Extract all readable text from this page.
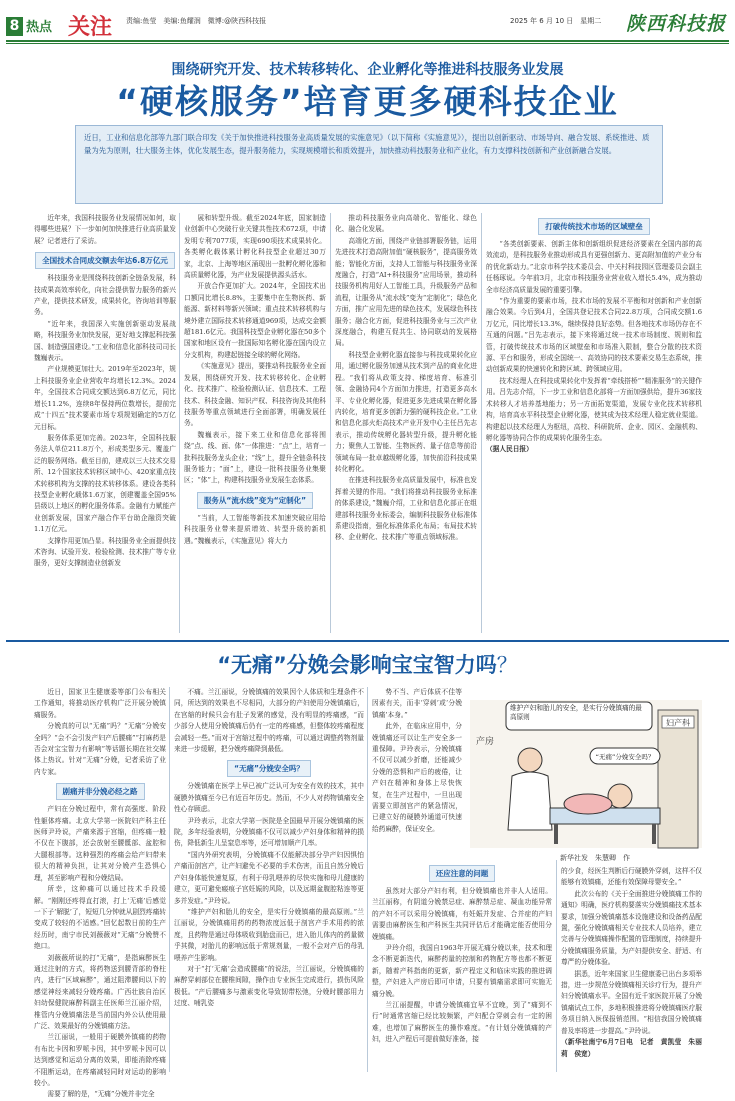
8 热点 关注 责编:鱼莹　美编:鱼耀润　微博:@陕西科技报	2025 年 6 月 10 日　星期二 陕西科技报
围绕研究开发、技术转移转化、企业孵化等推进科技服务业发展
“硬核服务”培育更多硬科技企业
近日，工业和信息化部等九部门联合印发《关于加快推进科技服务业高质量发展的实施意见》（以下简称《实施意见》），提出以创新驱动、市场导向、融合发展、系统推进、质量为先为原则，壮大服务主体，优化发展生态，提升服务能力，实现规模增长和质效提升，加快推动科技服务业和产业化，有力支撑科技创新和产业创新融合发展。

近年来，我国科技服务业发展情况如何，取得哪些进展？下一步如何加快推进行业高质量发展？记者进行了采访。

全国技术合同成交额去年达6.8万亿元

科技服务业是围绕科技创新全链条发展，科技成果高效率转化，向社会提供智力服务的新兴产业，提供技术研发，成果转化，咨询培训等服务。

“近年来，我国深入实施创新驱动发展战略，科技服务业加快发展，更好地支撑起科技强国、制造强国建设。”工业和信息化部科技司司长魏巍表示。

产业规模更加壮大。2019年至2023年，规上科技服务业企业营收年均增长12.3%。2024年，全国技术合同成交额达到6.8万亿元，同比增长11.2%，连续8年保持两位数增长，提前完成“十四五”技术要素市场专项规划确定的5万亿元目标。

服务体系更加完善。2023年，全国科技服务法人单位211.8万个，形成类型多元、覆盖广泛的服务网络。截至目前，建成以三大技术交易所、12个国家技术转移区域中心、420家重点技术转移机构为支撑的技术转移体系。建设各类科技型企业孵化载体1.6万家，创建覆盖全国95%县级以上地区的孵化服务体系。金融有力赋能产业创新发展，国家产融合作平台助企融资突破1.1万亿元。

支撑作用更加凸显。科技服务业全面提供技术咨询、试验开发、检验检测、技术推广等专业服务，更好支撑制造业创新发

展和转型升级。截至2024年底，国家制造业创新中心突破行业关键共性技术672项，申请发明专利7077项，实现690项技术成果转化。各类孵化载体累计孵化科技型企业超过30万家，北京、上海等地区涌现出一批孵化孵化器和高质量孵化器，为产业发展提供源头活水。

开放合作更加扩大。2024年，全国技术出口额同比增长8.8%，主要集中在生物医药、新能源、新材料等新兴领域；重点技术转移机构与境外建立国际技术转移通道969项，达成交金额超181.6亿元。我国科技型企业孵化器在50多个国家和地区设有一批国际知名孵化器在国内设立分支机构，构建起链接全球的孵化网络。

《实施意见》提出，要推动科技服务业全面发展，围绕研究开发、技术转移转化、企业孵化、技术推广、检验检测认证、信息技术、工程技术、科技金融、知识产权、科技咨询及其他科技服务等重点领域进行全面部署，明确发展任务。

魏巍表示，接下来工业和信息化部将围绕“点、线、面、体”一体推进：“点”上，培育一批科技服务龙头企业；“线”上，提升全链条科技服务能力；“面”上，建设一批科技服务业集聚区；“体”上，构建科技服务业发展生态体系。

服务从“流水线”变为“定制化”

“当前，人工智能等新技术加速突破应用给科技服务业带来提质增效、转型升级的新机遇。”魏巍表示，《实施意见》将大力

推动科技服务业向高端化、智能化、绿色化、融合化发展。

高端化方面，围绕产业链部署服务链，运用先进技术打造高附加值“硬核服务”，提高服务效能；智能化方面，支持人工智能与科技服务业深度融合，打造“AI+科技服务”应用场景，推动科技服务机构用好人工智能工具，升级服务产品和流程，让服务从“流水线”变为“定制化”；绿色化方面，推广应用先进的绿色技术，发展绿色科技服务；融合化方面，促进科技服务业与三次产业深度融合，构建互促共生、协同联动的发展格局。

科技型企业孵化器直接参与科技成果转化应用，通过孵化服务加速从技术到产品的商业化进程。“我们将从政策支持、梯度培育、标准引领、金融协同4个方面加力推进，打造更多高水平、专业化孵化器，促进更多先进成果在孵化器内转化，培育更多创新力强的硬科技企业。”工业和信息化部火炬高技术产业开发中心主任吕先志表示，推动传统孵化器转型升级，提升孵化能力；聚焦人工智能、生物医药、量子信息等前沿领域布局一批卓越级孵化器，加快前沿科技成果转化孵化。

在推进科技服务业高质量发展中，标准也发挥着关键的作用。“我们将推动科技服务业标准的体系建设，”魏巍介绍，工业和信息化部正在组建部科技服务业标委会，编制科技服务业标准体系建设指南，强化标准体系化布局；布局技术转移、企业孵化、技术推广等重点领域标准。

打破传统技术市场的区域壁垒

“各类创新要素、创新主体和创新组织促进经济要素在全国内部的高效流动，是科技服务业推动形成具有更强创新力、更高附加值的产业分布的优化新动力。”北京市科学技术委员会、中关村科技园区管理委员会副主任杨琢说。今年前3月，北京市科技服务业营业收入增长5.4%，成为推动全市经济高质量发展的重要引擎。

“作为重要的要素市场，技术市场的发展不平衡和对创新和产业创新融合效果。今后到4月，全国共登记技术合同22.8万项，合同成交额1.6万亿元，同比增长13.3%，继续保持良好态势。但各地技术市场仍存在不互通的问题。”吕先志表示，接下来将通过统一技术市场制度、规则和监管，打破传统技术市场的区域壁垒和市场准入限制，整合分散的技术资源、平台和服务，形成全国统一、高效协同的技术要素交易生态系统，推动创新成果的快速转化和跨区域、跨领域应用。

技术经理人在科技成果转化中发挥着“牵线搭桥”“精准服务”的关键作用。吕先志介绍，下一步工业和信息化部将一方面加强供给，提升36家技术转移人才培养基地能力；另一方面拓宽渠道，发展专业化技术转移机构，培育高水平科技型企业孵化器，使其成为技术经理人稳定就业渠道。构建起以技术经理人为枢纽，高校、科研院所、企业、园区、金融机构、孵化器等协同合作的成果转化服务生态。

（据人民日报）

“无痛”分娩会影响宝宝智力吗？

近日，国家卫生健康委等部门公布相关工作通知，将推动医疗机构广泛开展分娩镇痛服务。

分娩真的可以“无痛”吗？“无痛”分娩安全吗？“会不会引发产妇产后腰痛”“打麻药是否会对宝宝智力有影响”等话题长期在社交媒体上热议。针对“无痛”分娩，记者采访了业内专家。

剧痛并非分娩必经之路

产妇在分娩过程中，常有高强度、阶段性躯体疼痛。北京大学第一医院妇产科主任医师尹玲说，产痛来源于宫缩，但疼痛一般不仅在下腹部，还会放射至腰骶部、盆腔和大腿根部等。这种强烈的疼痛会给产妇带来很大的精神负担，让其对分娩产生恐惧心理，甚至影响产程和分娩结局。

所幸，这种痛可以通过技术手段缓解。“刚刚还疼得直打滚，打上‘无痛’后感觉一下子‘解脱’了，短短几分钟就从剧烈疼痛转变成了较轻的不适感。”回忆起数日前的生产经历时，南宁市民刘薇薇对“无痛”分娩赞不绝口。

刘薇薇所说的打“无痛”，是指麻醉医生通过注射的方式，将药物送到腰背部的脊柱内，进行“区域麻醉”，通过阻滞腰间以下的感觉神经来减轻分娩疼痛。广西壮族自治区妇幼保健院麻醉科副主任医师兰江丽介绍，椎管内分娩镇痛法是当前国内外公认使用最广泛、效果最好的分娩镇痛方法。

兰江丽说，一般用于硬膜外镇痛的药物有布比卡因和罗哌卡因，其中罗哌卡因可以达到感觉和运动分离的效果，即能消除疼痛不阻断运动，在疼痛减轻同时对运动的影响较小。

需要了解的是，“无痛”分娩并非完全

不痛。兰江丽说，分娩镇痛的效果因个人体质和生理条件不同，所达到的效果也不尽相同，大部分的产妇使用分娩镇痛后，在宫缩的时候只会有肚子发紧的感觉，没有明显的疼痛感，“而少部分人使用分娩镇痛后仍有一定的疼痛感，但整体较疼痛程度会减轻一些。”而对于宫缩过程中的疼痛，可以通过调整药物剂量来进一步缓解，把分娩疼痛降到最低。

“无痛”分娩安全吗？

分娩镇痛在医学上早已被广泛认可为安全有效的技术，其中硬膜外镇痛至今已有近百年历史。然而，不少人对药物镇痛安全性心存顾虑。

尹玲表示，北京大学第一医院是全国最早开展分娩镇痛的医院，多年经验表明，分娩镇痛不仅可以减少产妇身体和精神的损伤，降低新生儿呈窒息率等，还可增加顺产几率。

“国内外研究表明，分娩镇痛不仅能解决部分孕产妇因惧怕产痛而剖宫产，让产妇避免不必要的手术伤害，而且自然分娩后产妇身体能快速复原，有利于母乳喂养的尽快实施和母儿健康的建立，更可避免瘢痕子宫妊娠的风险，以及远期盆腹腔粘连等更多并发症。”尹玲说。

“维护产妇和胎儿的安全，是实行分娩镇痛的最高原则。”兰江丽说，分娩镇痛用药的药物浓度远低于剖宫产手术用药的浓度，且药物是通过母体吸收到胎盘而已，进入胎儿体内的药量微乎其微，对胎儿的影响远低于常规剂量，一般不会对产后的母乳喂养产生影响。

对于“打‘无痛’会造成腰痛”的说法，兰江丽说，分娩镇痛的麻醉穿刺部位在腰椎间隙，操作由专业医生完成进行，损伤风险极低。“产后腰痛多与激素变化导致韧带松弛，分娩时腰部用力过度、哺乳姿

势不当、产后体质不佳等因素有关，而非‘穿刺’或‘分娩镇痛’本身。”

此外，在临床应用中，分娩镇痛还可以让生产安全多一重保障。尹玲表示，分娩镇痛不仅可以减少折磨，还能减少分娩的恐惧和产后的疲倦，让产妇在精神和身体上尽快恢复，在生产过程中，一旦出现需要立即剖宫产的紧急情况，已建立好的硬膜外通道可快速给药麻醉，保证安全。

妇产科
产房
维护产妇和胎儿的安全，是实行分娩镇痛的最高原则
“无痛”分娩安全吗？
新华社发　朱慧卿　作

还应注意的问题

虽然对大部分产妇有利，但分娩镇痛也并非人人适用。兰江丽称，有阴道分娩禁忌症、麻醉禁忌症、凝血功能异常的产妇不可以采用分娩镇痛，有妊娠并发症、合并症的产妇需要由麻醉医生和产科医生共同评估后才能确定能否使用分娩镇痛。

尹玲介绍，我国自1963年开展无痛分娩以来，技术和理念不断更新迭代，麻醉药量的控制和药物配方等也都不断更新，随着产科指南的更新，新产程定义和临床实践的推进调整，产妇进入产房后即可申请，只要有镇痛需求即可实施无痛分娩。

兰江丽提醒，申请分娩镇痛宜早不宜晚，到了“痛到不行”时通常宫缩已经比较频繁，产妇配合穿刺会有一定的困难，也增加了麻醉医生的操作难度。“有计划分娩镇痛的产妇，进入产程后可提前做好准备，接

的少食，经医生判断后行硬膜外穿刺，这样不仅能够有效镇痛，还能有效保障母婴安全。”

此次公布的《关于全面推进分娩镇痛工作的通知》明确，医疗机构要落实分娩镇痛技术基本要求，加强分娩镇痛基本设施建设和设备药品配置，强化分娩镇痛相关专业技术人员培养，建立完善与分娩镇痛操作配置的管理制度，持续提升分娩镇痛服务质量，为产妇提供安全、舒适、有尊严的分娩体验。

据悉，近年来国家卫生健康委已出台多项举措，进一步规范分娩镇痛相关诊疗行为，提升产妇分娩镇痛水平。全国有近千家医院开展了分娩镇痛试点工作，多地积极推进将分娩镇痛医疗服务项目纳入医保报销范围。“相信我国分娩镇痛普及率将进一步提高。”尹玲说。

（新华社南宁6月7日电　记者　黄凯莹　朱丽莉　侯宽）
